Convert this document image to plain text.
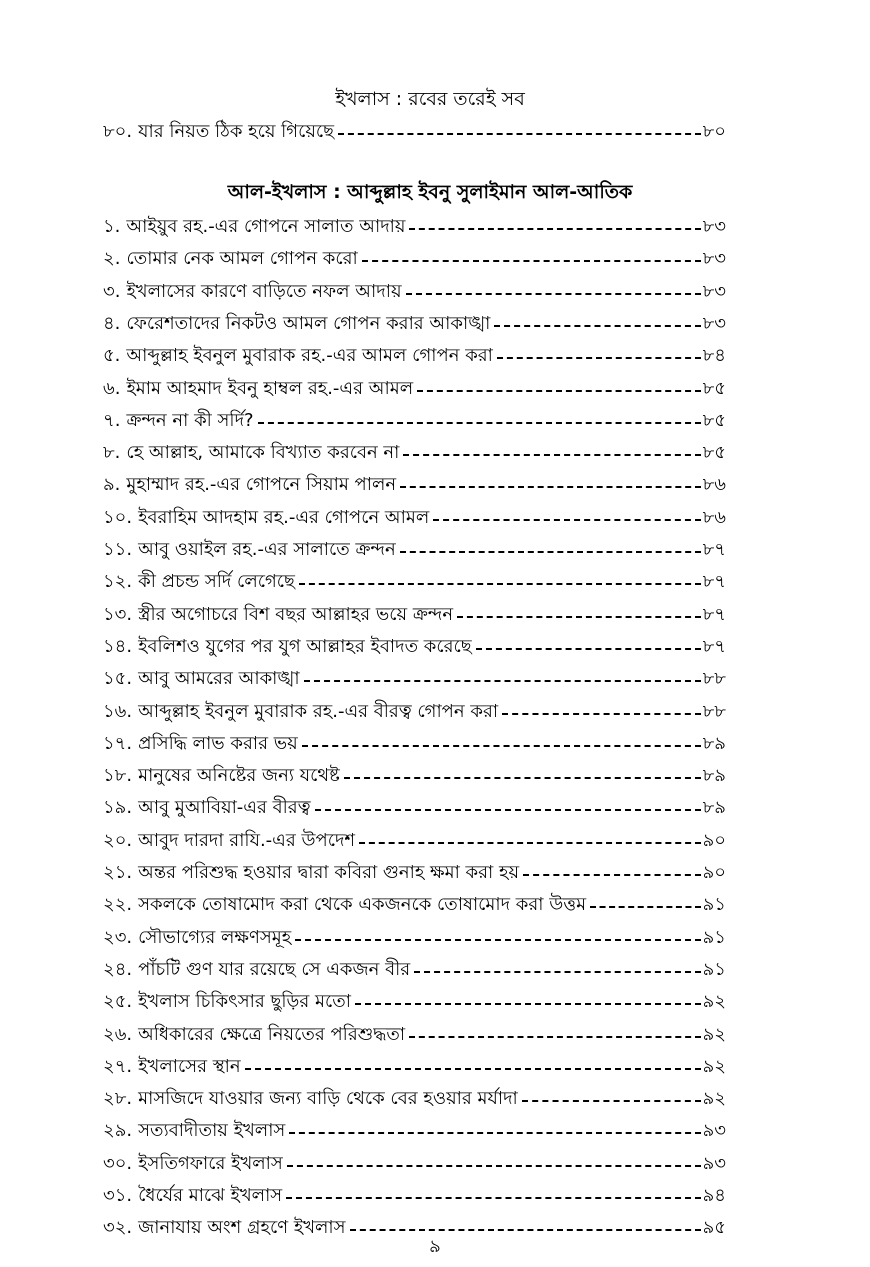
ইখলাস : রবের তরেই সব
৮০. যার নিয়ত ঠিক হয়ে গিয়েছে	৮০
আল-ইখলাস : আব্দুল্লাহ ইবনু সুলাইমান আল-আতিক
১. আইয়ুব রহ.-এর গোপনে সালাত আদায়	৮৩
২. তোমার নেক আমল গোপন করো	৮৩
৩. ইখলাসের কারণে বাড়িতে নফল আদায়	৮৩
৪. ফেরেশতাদের নিকটও আমল গোপন করার আকাঙ্খা	৮৩
৫. আব্দুল্লাহ ইবনুল মুবারাক রহ.-এর আমল গোপন করা	৮৪
৬. ইমাম আহমাদ ইবনু হাম্বল রহ.-এর আমল	৮৫
৭. ক্রন্দন না কী সর্দি?	৮৫
৮. হে আল্লাহ, আমাকে বিখ্যাত করবেন না	৮৫
৯. মুহাম্মাদ রহ.-এর গোপনে সিয়াম পালন	৮৬
১০. ইবরাহিম আদহাম রহ.-এর গোপনে আমল	৮৬
১১. আবু ওয়াইল রহ.-এর সালাতে ক্রন্দন	৮৭
১২. কী প্রচন্ড সর্দি লেগেছে	৮৭
১৩. স্ত্রীর অগোচরে বিশ বছর আল্লাহর ভয়ে ক্রন্দন	৮৭
১৪. ইবলিশও যুগের পর যুগ আল্লাহর ইবাদত করেছে	৮৭
১৫. আবু আমরের আকাঙ্খা	৮৮
১৬. আব্দুল্লাহ ইবনুল মুবারাক রহ.-এর বীরত্ব গোপন করা	৮৮
১৭. প্রসিদ্ধি লাভ করার ভয়	৮৯
১৮. মানুষের অনিষ্টের জন্য যথেষ্ট	৮৯
১৯. আবু মুআবিয়া-এর বীরত্ব	৮৯
২০. আবুদ দারদা রাযি.-এর উপদেশ	৯০
২১. অন্তর পরিশুদ্ধ হওয়ার দ্বারা কবিরা গুনাহ ক্ষমা করা হয়	৯০
২২. সকলকে তোষামোদ করা থেকে একজনকে তোষামোদ করা উত্তম	৯১
২৩. সৌভাগ্যের লক্ষণসমূহ	৯১
২৪. পাঁচটি গুণ যার রয়েছে সে একজন বীর	৯১
২৫. ইখলাস চিকিৎসার ছুড়ির মতো	৯২
২৬. অধিকারের ক্ষেত্রে নিয়তের পরিশুদ্ধতা	৯২
২৭. ইখলাসের স্থান	৯২
২৮. মাসজিদে যাওয়ার জন্য বাড়ি থেকে বের হওয়ার মর্যাদা	৯২
২৯. সত্যবাদীতায় ইখলাস	৯৩
৩০. ইসতিগফারে ইখলাস	৯৩
৩১. ধৈর্যের মাঝে ইখলাস	৯৪
৩২. জানাযায় অংশ গ্রহণে ইখলাস	৯৫
৯
